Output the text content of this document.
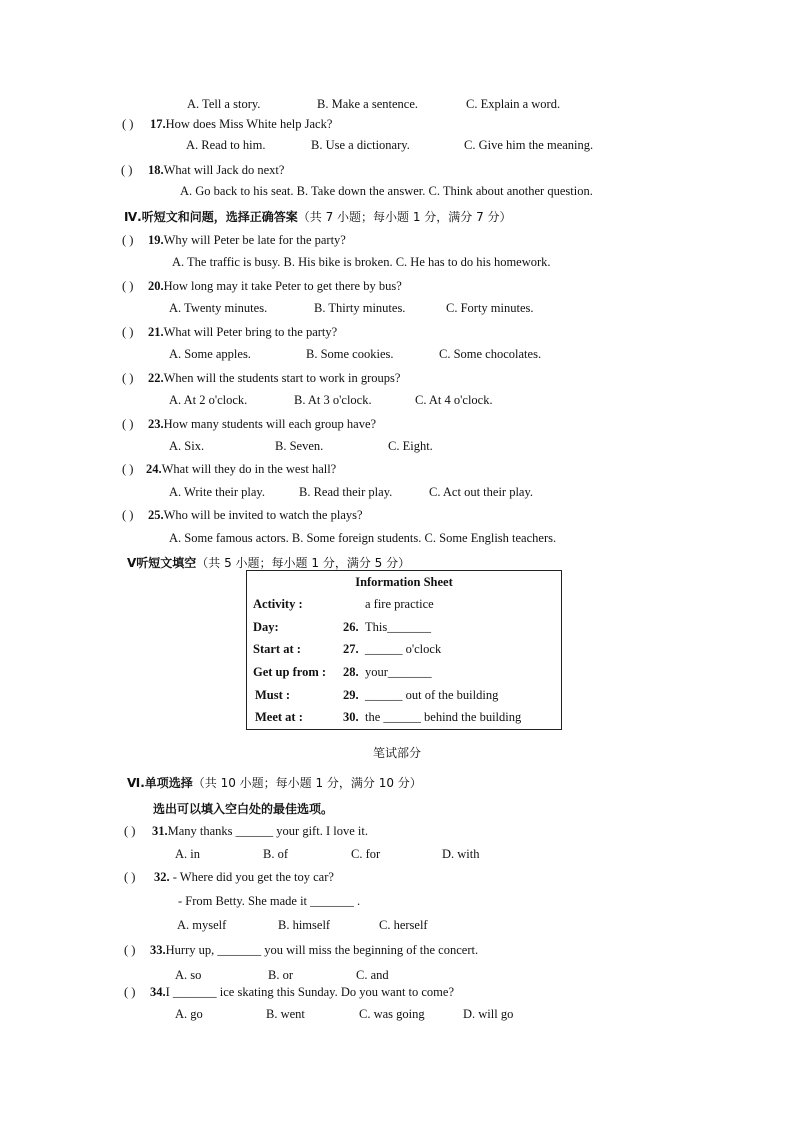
A. Tell a story.	B. Make a sentence.	C. Explain a word.
( ) 17.How does Miss White help Jack?
A. Read to him.	B. Use a dictionary.	C. Give him the meaning.
( ) 18.What will Jack do next?
A. Go back to his seat. B. Take down the answer. C. Think about another question.
Ⅳ.听短文和问题，选择正确答案（共 7 小题；每小题 1 分，满分 7 分）
( ) 19.Why will Peter be late for the party?
A. The traffic is busy. B. His bike is broken. C. He has to do his homework.
( ) 20.How long may it take Peter to get there by bus?
A. Twenty minutes.	B. Thirty minutes.	C. Forty minutes.
( ) 21.What will Peter bring to the party?
A. Some apples.	B. Some cookies.	C. Some chocolates.
( ) 22.When will the students start to work in groups?
A. At 2 o'clock.	B. At 3 o'clock.	C. At 4 o'clock.
( ) 23.How many students will each group have?
A. Six.	B. Seven.	C. Eight.
( ) 24.What will they do in the west hall?
A. Write their play.	B. Read their play.	C. Act out their play.
( ) 25.Who will be invited to watch the plays?
A. Some famous actors. B. Some foreign students. C. Some English teachers.
Ⅴ听短文填空（共 5 小题；每小题 1 分，满分 5 分）
Information Sheet		
Activity :		a fire practice
Day:	26.	This_______
Start at :	27.	______ o'clock
Get up from :	28.	your_______
Must :	29.	______ out of the building
Meet at :	30.	the ______ behind the building
笔试部分
Ⅵ.单项选择（共 10 小题；每小题 1 分，满分 10 分）
选出可以填入空白处的最佳选项。
( ) 31.Many thanks ______ your gift. I love it.
A. in	B. of	C. for	D. with
( ) 32. - Where did you get the toy car?
- From Betty. She made it _______ .
A. myself	B. himself	C. herself
( ) 33.Hurry up, _______ you will miss the beginning of the concert.
A. so	B. or	C. and
( ) 34.I _______ ice skating this Sunday. Do you want to come?
A. go	B. went	C. was going	D. will go
